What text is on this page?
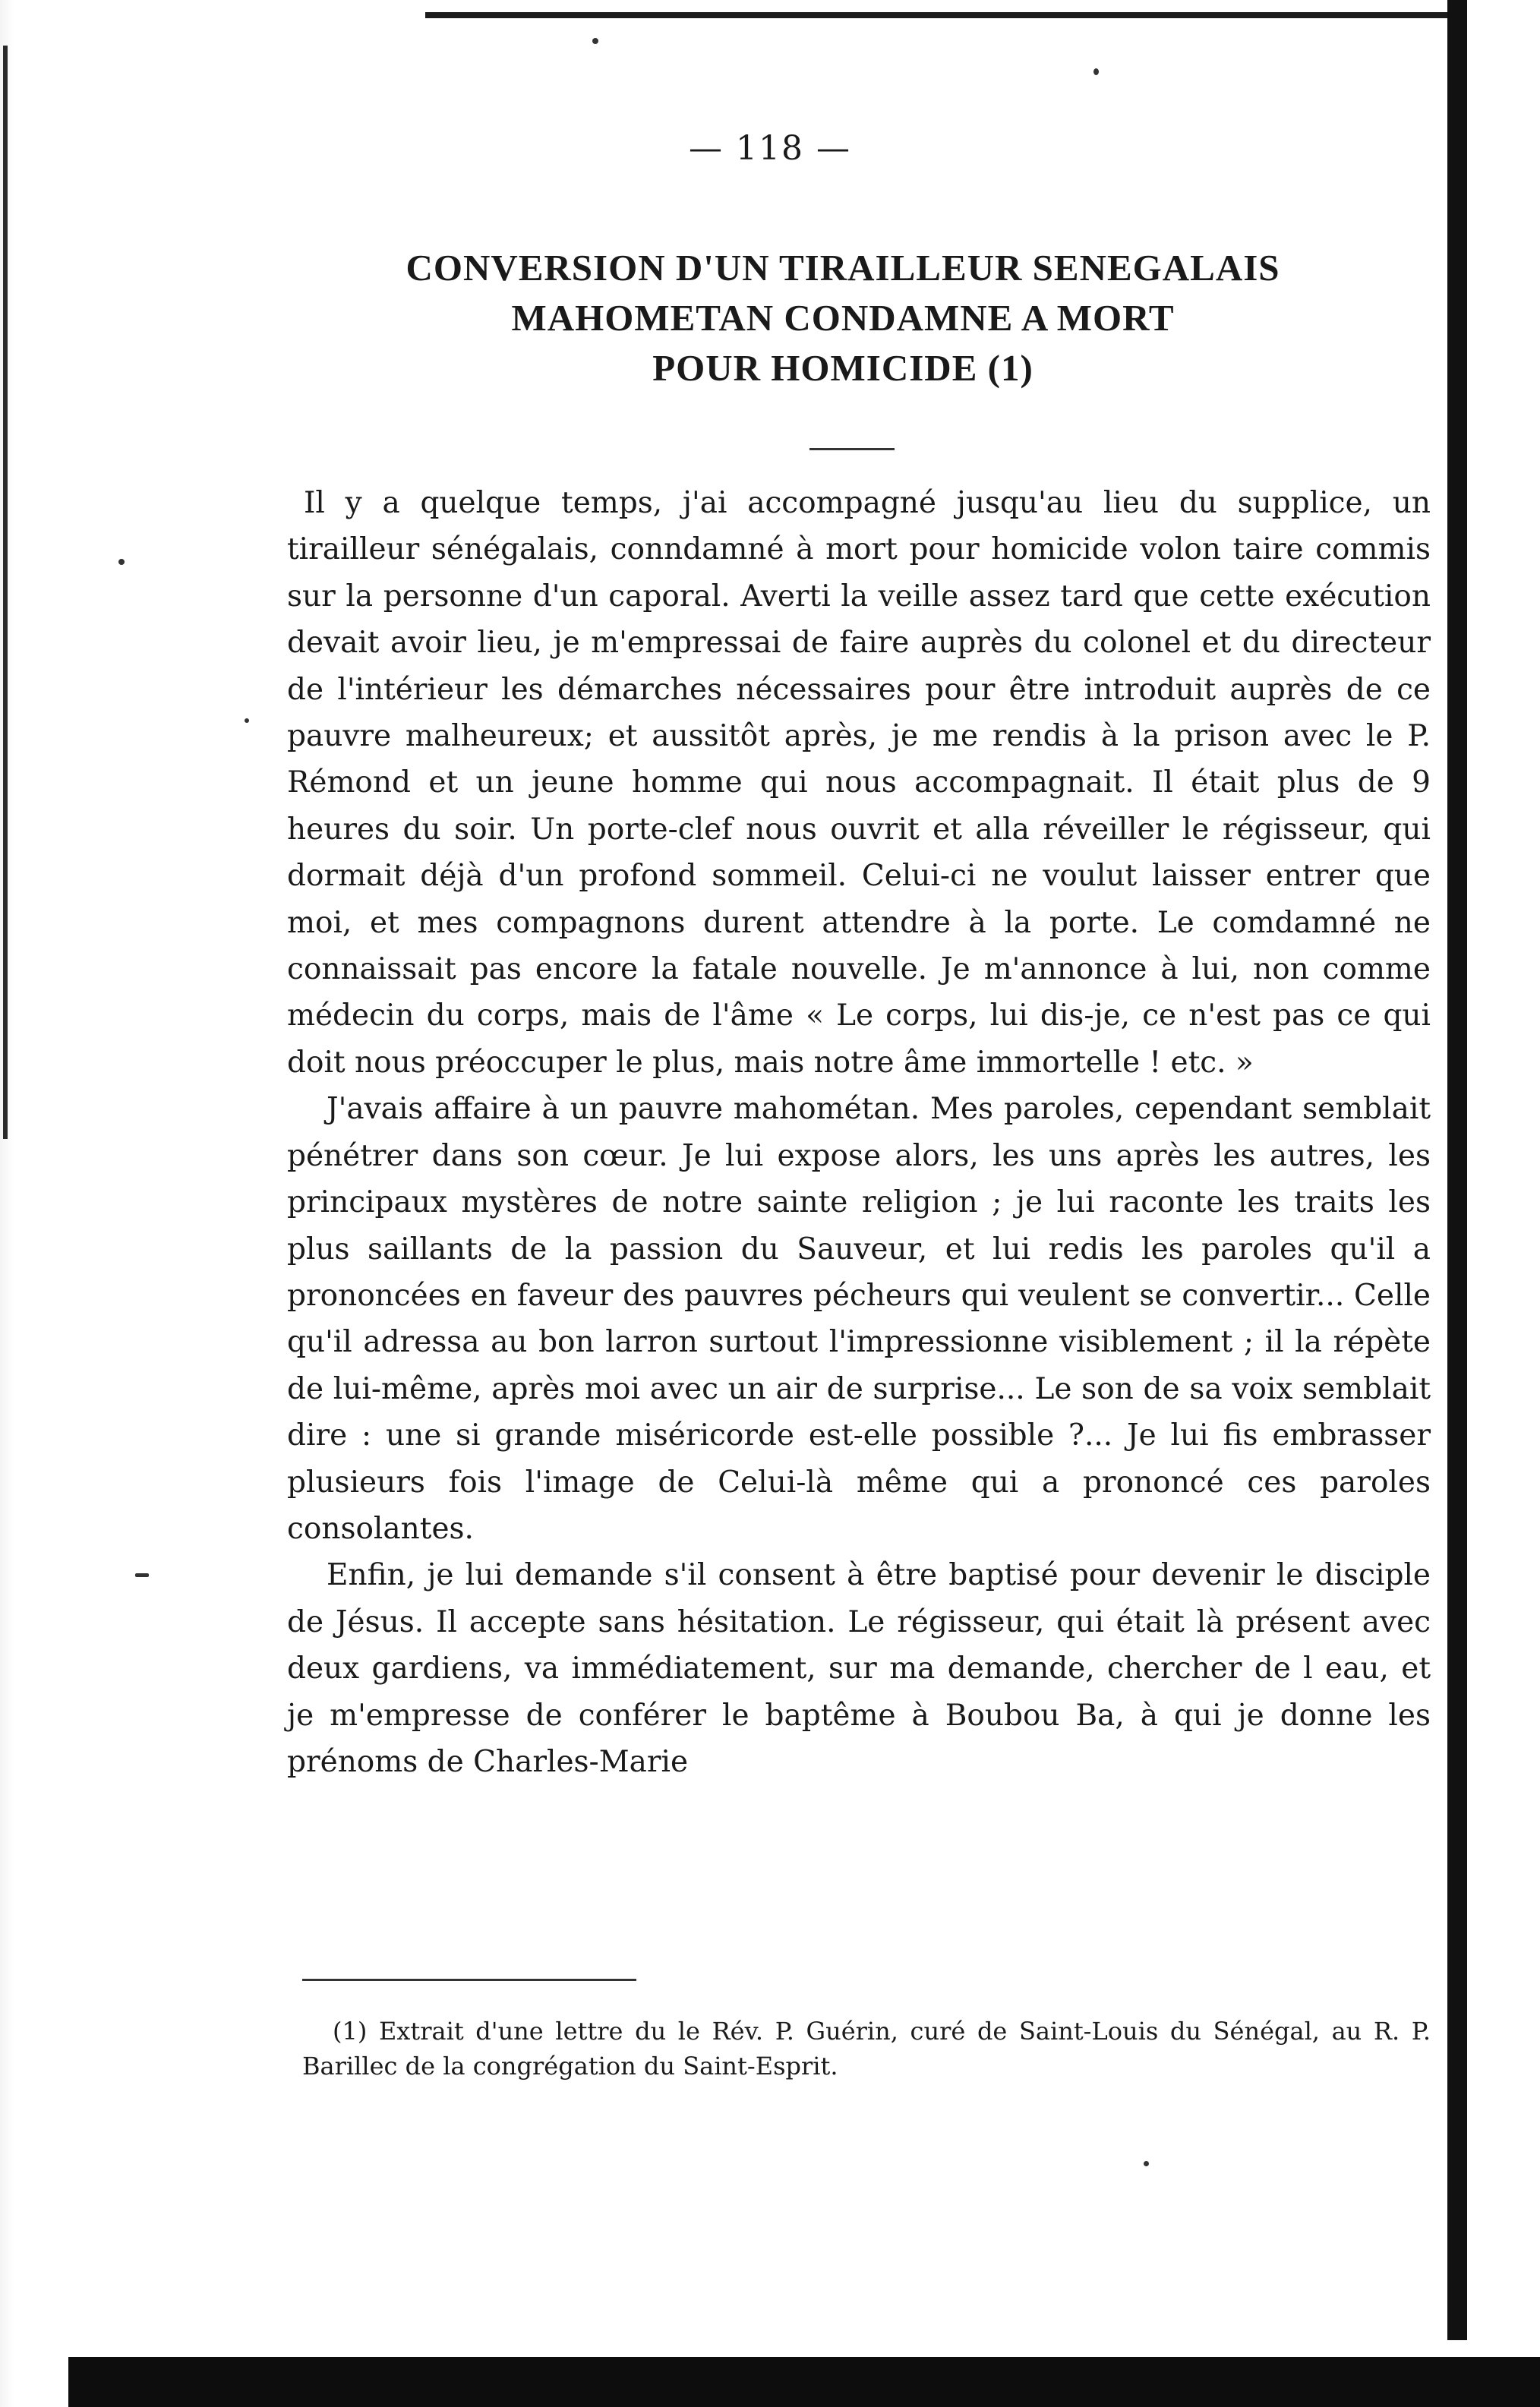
— 118 —
CONVERSION D'UN TIRAILLEUR SENEGALAIS
MAHOMETAN CONDAMNE A MORT
POUR HOMICIDE (1)

Il y a quelque temps, j'ai accompagné jusqu'au lieu du supplice, un tirailleur sénégalais, conndamné à mort pour homicide volon taire commis sur la personne d'un caporal. Averti la veille assez tard que cette exécution devait avoir lieu, je m'empressai de faire auprès du colonel et du directeur de l'intérieur les démarches nécessaires pour être introduit auprès de ce pauvre malheureux; et aussitôt après, je me rendis à la prison avec le P. Rémond et un jeune homme qui nous accompagnait. Il était plus de 9 heures du soir. Un porte-clef nous ouvrit et alla réveiller le régisseur, qui dormait déjà d'un profond sommeil. Celui-ci ne voulut laisser entrer que moi, et mes compagnons durent attendre à la porte. Le comdamné ne connaissait pas encore la fatale nouvelle. Je m'annonce à lui, non comme médecin du corps, mais de l'âme « Le corps, lui dis-je, ce n'est pas ce qui doit nous préoccuper le plus, mais notre âme immortelle ! etc. »

J'avais affaire à un pauvre mahométan. Mes paroles, cependant semblait pénétrer dans son cœur. Je lui expose alors, les uns après les autres, les principaux mystères de notre sainte religion ; je lui raconte les traits les plus saillants de la passion du Sauveur, et lui redis les paroles qu'il a prononcées en faveur des pauvres pécheurs qui veulent se convertir... Celle qu'il adressa au bon larron surtout l'impressionne visiblement ; il la répète de lui-même, après moi avec un air de surprise... Le son de sa voix semblait dire : une si grande miséricorde est-elle possible ?... Je lui fis embrasser plusieurs fois l'image de Celui-là même qui a prononcé ces paroles consolantes.

Enfin, je lui demande s'il consent à être baptisé pour devenir le disciple de Jésus. Il accepte sans hésitation. Le régisseur, qui était là présent avec deux gardiens, va immédiatement, sur ma demande, chercher de l eau, et je m'empresse de conférer le baptême à Boubou Ba, à qui je donne les prénoms de Charles-Marie

(1) Extrait d'une lettre du le Rév. P. Guérin, curé de Saint-Louis du Sénégal, au R. P. Barillec de la congrégation du Saint-Esprit.
